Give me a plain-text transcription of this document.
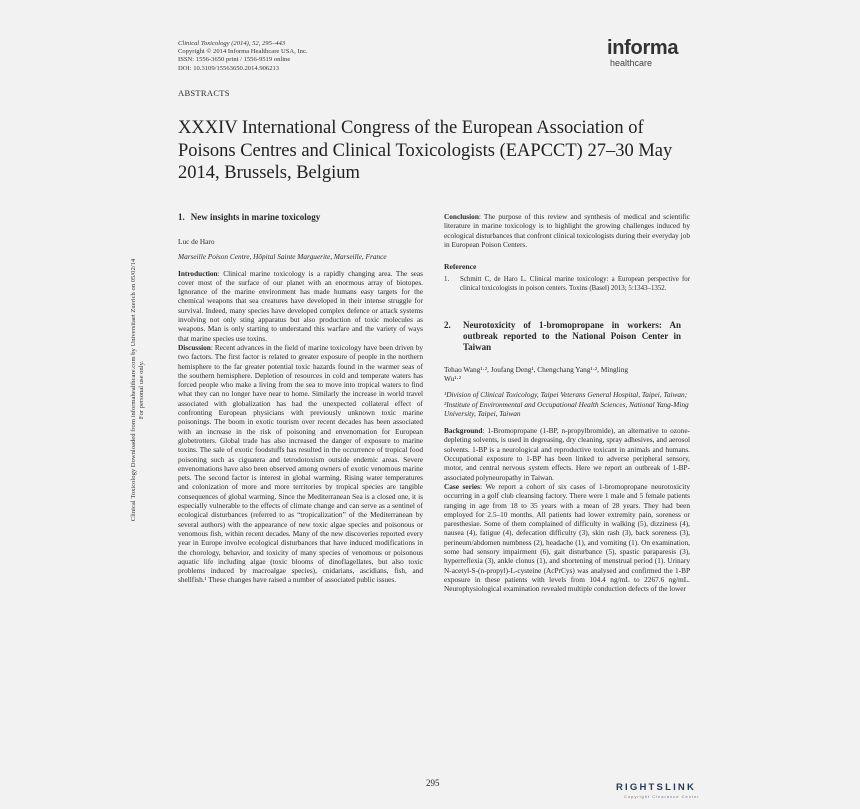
Clinical Toxicology (2014), 52, 295–443
Copyright © 2014 Informa Healthcare USA, Inc.
ISSN: 1556-3650 print / 1556-9519 online
DOI: 10.3109/15563650.2014.906213
informa
healthcare
ABSTRACTS
XXXIV International Congress of the European Association of Poisons Centres and Clinical Toxicologists (EAPCCT) 27–30 May 2014, Brussels, Belgium
Clinical Toxicology Downloaded from informahealthcare.com by Universitaet Zuerich on 05/02/14 For personal use only.
1. New insights in marine toxicology
Luc de Haro
Marseille Poison Centre, Hôpital Sainte Marguerite, Marseille, France

Introduction: Clinical marine toxicology is a rapidly changing area. The seas cover most of the surface of our planet with an enormous array of biotopes. Ignorance of the marine environment has made humans easy targets for the chemical weapons that sea creatures have developed in their intense struggle for survival. Indeed, many species have developed complex defence or attack systems involving not only sting apparatus but also production of toxic molecules as weapons. Man is only starting to understand this warfare and the variety of ways that marine species use toxins.

Discussion: Recent advances in the field of marine toxicology have been driven by two factors. The first factor is related to greater exposure of people in the northern hemisphere to the far greater potential toxic hazards found in the warmer seas of the southern hemisphere. Depletion of resources in cold and temperate waters has forced people who make a living from the sea to move into tropical waters to find what they can no longer have near to home. Similarly the increase in world travel associated with globalization has had the unexpected collateral effect of confronting European physicians with previously unknown toxic marine poisonings. The boom in exotic tourism over recent decades has been associated with an increase in the risk of poisoning and envenomation for European globetrotters. Global trade has also increased the danger of exposure to marine toxins. The sale of exotic foodstuffs has resulted in the occurrence of tropical food poisoning such as ciguatera and tetrodotoxism outside endemic areas. Severe envenomations have also been observed among owners of exotic venomous marine pets. The second factor is interest in global warming. Rising water temperatures and colonization of more and more territories by tropical species are tangible consequences of global warming. Since the Mediterranean Sea is a closed one, it is especially vulnerable to the effects of climate change and can serve as a sentinel of ecological disturbances (referred to as “tropicalization” of the Mediterranean by several authors) with the appearance of new toxic algae species and poisonous or venomous fish, within recent decades. Many of the new discoveries reported every year in Europe involve ecological disturbances that have induced modifications in the chorology, behavior, and toxicity of many species of venomous or poisonous aquatic life including algae (toxic blooms of dinoflagellates, but also toxic problems induced by macroalgae species), cnidarians, ascidians, fish, and shellfish.¹ These changes have raised a number of associated public issues.

Conclusion: The purpose of this review and synthesis of medical and scientific literature in marine toxicology is to highlight the growing challenges induced by ecological disturbances that confront clinical toxicologists during their everyday job in European Poison Centers.

Reference
1.	Schmitt C, de Haro L. Clinical marine toxicology: a European perspective for clinical toxicologists in poison centers. Toxins (Basel) 2013; 5:1343–1352.
2.	Neurotoxicity of 1-bromopropane in workers: An outbreak reported to the National Poison Center in Taiwan
Tehao Wang¹·², Joufang Deng¹, Chengchang Yang¹·², Mingling Wu¹·²
¹Division of Clinical Toxicology, Taipei Veterans General Hospital, Taipei, Taiwan; ²Institute of Environmental and Occupational Health Sciences, National Yang-Ming University, Taipei, Taiwan

Background: 1-Bromopropane (1-BP, n-propylbromide), an alternative to ozone-depleting solvents, is used in degreasing, dry cleaning, spray adhesives, and aerosol solvents. 1-BP is a neurological and reproductive toxicant in animals and humans. Occupational exposure to 1-BP has been linked to adverse peripheral sensory, motor, and central nervous system effects. Here we report an outbreak of 1-BP-associated polyneuropathy in Taiwan.

Case series: We report a cohort of six cases of 1-bromopropane neurotoxicity occurring in a golf club cleansing factory. There were 1 male and 5 female patients ranging in age from 18 to 35 years with a mean of 28 years. They had been employed for 2.5–10 months. All patients had lower extremity pain, soreness or paresthesiae. Some of them complained of difficulty in walking (5), dizziness (4), nausea (4), fatigue (4), defecation difficulty (3), skin rash (3), back soreness (3), perineum/abdomen numbness (2), headache (1), and vomiting (1). On examination, some had sensory impairment (6), gait disturbance (5), spastic paraparesis (3), hyperreflexia (3), ankle clonus (1), and shortening of menstrual period (1). Urinary N-acetyl-S-(n-propyl)-L-cysteine (AcPrCys) was analysed and confirmed the 1-BP exposure in these patients with levels from 104.4 ng/mL to 2267.6 ng/mL. Neurophysiological examination revealed multiple conduction defects of the lower

295	RIGHTSLINK
Copyright Clearance Center
